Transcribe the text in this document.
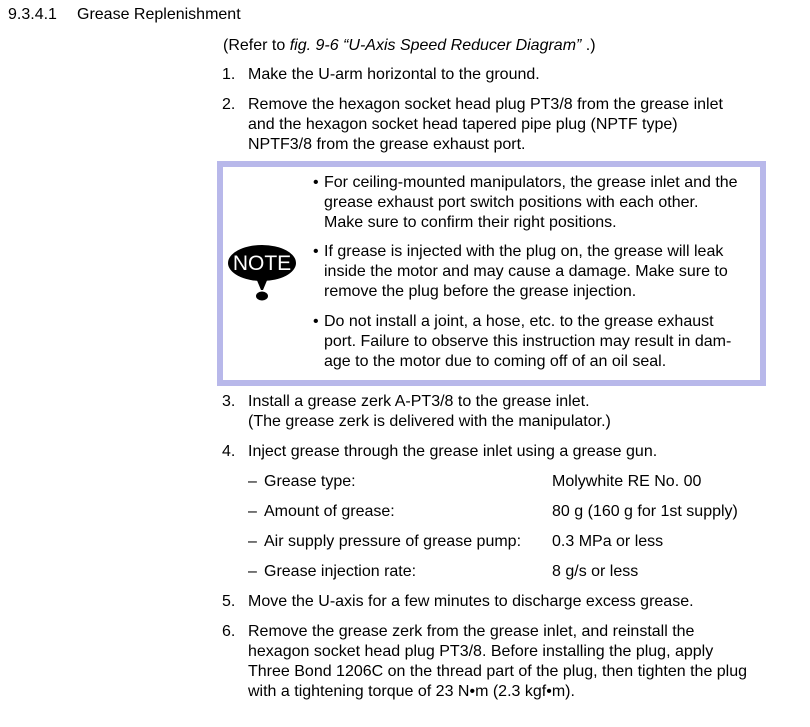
9.3.4.1 Grease Replenishment
(Refer to fig. 9-6 “U-Axis Speed Reducer Diagram” .)
1. Make the U-arm horizontal to the ground.
2. Remove the hexagon socket head plug PT3/8 from the grease inlet
and the hexagon socket head tapered pipe plug (NPTF type)
NPTF3/8 from the grease exhaust port.
NOTE
• For ceiling-mounted manipulators, the grease inlet and the
grease exhaust port switch positions with each other.
Make sure to confirm their right positions.
• If grease is injected with the plug on, the grease will leak
inside the motor and may cause a damage. Make sure to
remove the plug before the grease injection.
• Do not install a joint, a hose, etc. to the grease exhaust
port. Failure to observe this instruction may result in dam-
age to the motor due to coming off of an oil seal.
3. Install a grease zerk A-PT3/8 to the grease inlet.
(The grease zerk is delivered with the manipulator.)
4. Inject grease through the grease inlet using a grease gun.
– Grease type:	Molywhite RE No. 00
– Amount of grease:	80 g (160 g for 1st supply)
– Air supply pressure of grease pump: 0.3 MPa or less
– Grease injection rate:	8 g/s or less
5. Move the U-axis for a few minutes to discharge excess grease.
6. Remove the grease zerk from the grease inlet, and reinstall the
hexagon socket head plug PT3/8. Before installing the plug, apply
Three Bond 1206C on the thread part of the plug, then tighten the plug
with a tightening torque of 23 N•m (2.3 kgf•m).
